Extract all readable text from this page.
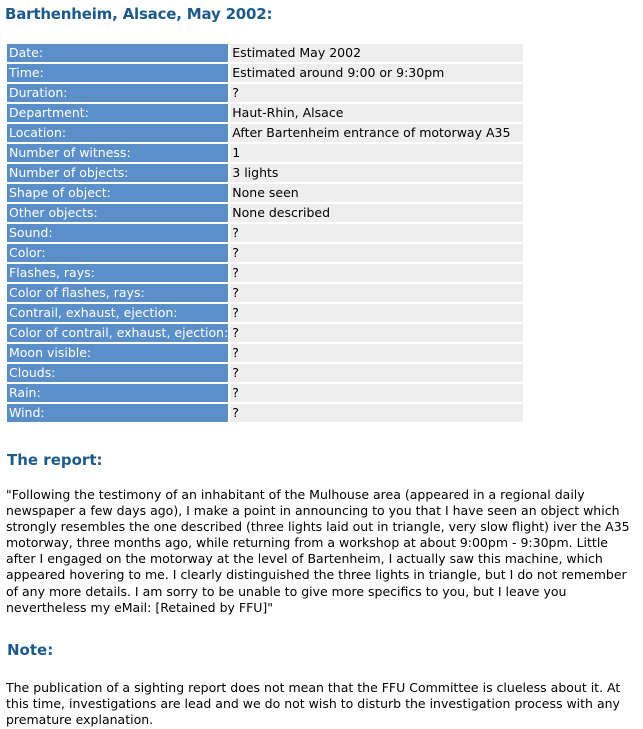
Barthenheim, Alsace, May 2002:
Date:	Estimated May 2002
Time:	Estimated around 9:00 or 9:30pm
Duration:	?
Department:	Haut-Rhin, Alsace
Location:	After Bartenheim entrance of motorway A35
Number of witness:	1
Number of objects:	3 lights
Shape of object:	None seen
Other objects:	None described
Sound:	?
Color:	?
Flashes, rays:	?
Color of flashes, rays:	?
Contrail, exhaust, ejection:	?
Color of contrail, exhaust, ejection:	?
Moon visible:	?
Clouds:	?
Rain:	?
Wind:	?
The report:

"Following the testimony of an inhabitant of the Mulhouse area (appeared in a regional daily newspaper a few days ago), I make a point in announcing to you that I have seen an object which strongly resembles the one described (three lights laid out in triangle, very slow flight) iver the A35 motorway, three months ago, while returning from a workshop at about 9:00pm - 9:30pm. Little after I engaged on the motorway at the level of Bartenheim, I actually saw this machine, which appeared hovering to me. I clearly distinguished the three lights in triangle, but I do not remember of any more details. I am sorry to be unable to give more specifics to you, but I leave you nevertheless my eMail: [Retained by FFU]"

Note:

The publication of a sighting report does not mean that the FFU Committee is clueless about it. At this time, investigations are lead and we do not wish to disturb the investigation process with any premature explanation.
